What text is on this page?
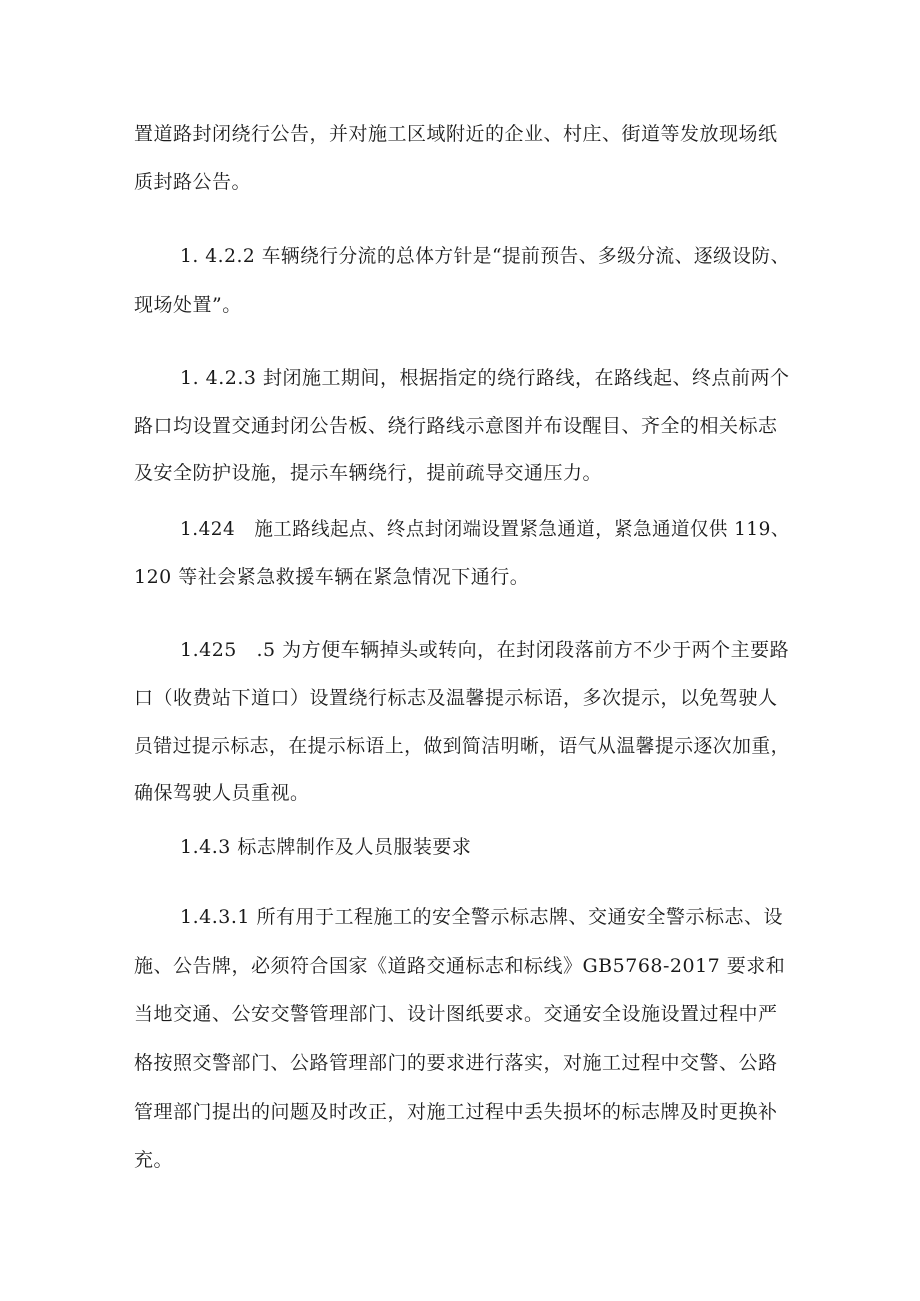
置道路封闭绕行公告，并对施工区域附近的企业、村庄、街道等发放现场纸
质封路公告。
1. 4.2.2 车辆绕行分流的总体方针是“提前预告、多级分流、逐级设防、
现场处置”。
1. 4.2.3 封闭施工期间，根据指定的绕行路线，在路线起、终点前两个
路口均设置交通封闭公告板、绕行路线示意图并布设醒目、齐全的相关标志
及安全防护设施，提示车辆绕行，提前疏导交通压力。
1.424   施工路线起点、终点封闭端设置紧急通道，紧急通道仅供 119、
120 等社会紧急救援车辆在紧急情况下通行。
1.425   .5 为方便车辆掉头或转向，在封闭段落前方不少于两个主要路
口（收费站下道口）设置绕行标志及温馨提示标语，多次提示，以免驾驶人
员错过提示标志，在提示标语上，做到简洁明晰，语气从温馨提示逐次加重，
确保驾驶人员重视。
1.4.3 标志牌制作及人员服装要求
1.4.3.1 所有用于工程施工的安全警示标志牌、交通安全警示标志、设
施、公告牌，必须符合国家《道路交通标志和标线》GB5768-2017 要求和
当地交通、公安交警管理部门、设计图纸要求。交通安全设施设置过程中严
格按照交警部门、公路管理部门的要求进行落实，对施工过程中交警、公路
管理部门提出的问题及时改正，对施工过程中丢失损坏的标志牌及时更换补
充。
